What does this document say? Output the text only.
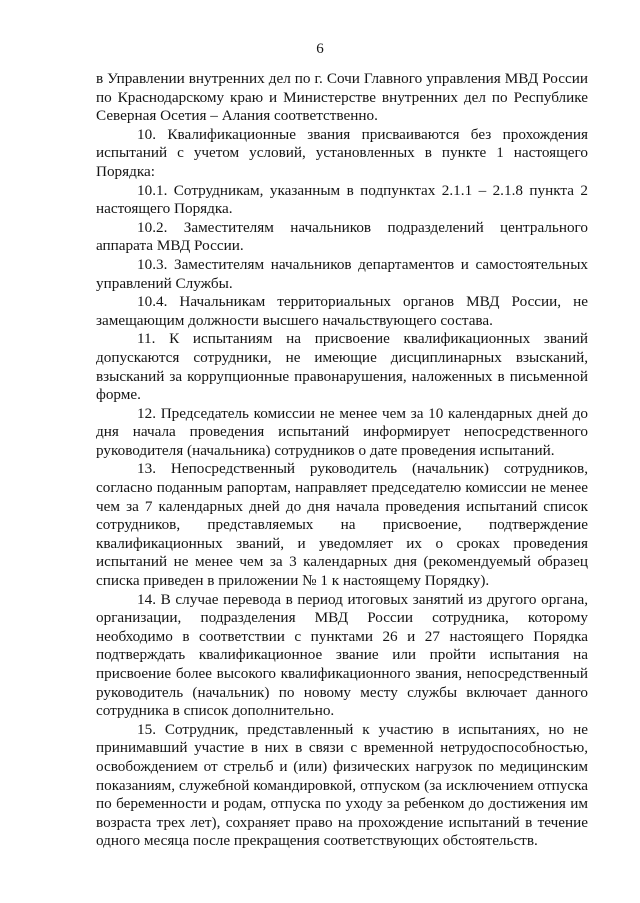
6

в Управлении внутренних дел по г. Сочи Главного управления МВД России по Краснодарскому краю и Министерстве внутренних дел по Республике Северная Осетия – Алания соответственно.

10. Квалификационные звания присваиваются без прохождения испытаний с учетом условий, установленных в пункте 1 настоящего Порядка:

10.1. Сотрудникам, указанным в подпунктах 2.1.1 – 2.1.8 пункта 2 настоящего Порядка.

10.2. Заместителям начальников подразделений центрального аппарата МВД России.

10.3. Заместителям начальников департаментов и самостоятельных управлений Службы.

10.4. Начальникам территориальных органов МВД России, не замещающим должности высшего начальствующего состава.

11. К испытаниям на присвоение квалификационных званий допускаются сотрудники, не имеющие дисциплинарных взысканий, взысканий за коррупционные правонарушения, наложенных в письменной форме.

12. Председатель комиссии не менее чем за 10 календарных дней до дня начала проведения испытаний информирует непосредственного руководителя (начальника) сотрудников о дате проведения испытаний.

13. Непосредственный руководитель (начальник) сотрудников, согласно поданным рапортам, направляет председателю комиссии не менее чем за 7 календарных дней до дня начала проведения испытаний список сотрудников, представляемых на присвоение, подтверждение квалификационных званий, и уведомляет их о сроках проведения испытаний не менее чем за 3 календарных дня (рекомендуемый образец списка приведен в приложении № 1 к настоящему Порядку).

14. В случае перевода в период итоговых занятий из другого органа, организации, подразделения МВД России сотрудника, которому необходимо в соответствии с пунктами 26 и 27 настоящего Порядка подтверждать квалификационное звание или пройти испытания на присвоение более высокого квалификационного звания, непосредственный руководитель (начальник) по новому месту службы включает данного сотрудника в список дополнительно.

15. Сотрудник, представленный к участию в испытаниях, но не принимавший участие в них в связи с временной нетрудоспособностью, освобождением от стрельб и (или) физических нагрузок по медицинским показаниям, служебной командировкой, отпуском (за исключением отпуска по беременности и родам, отпуска по уходу за ребенком до достижения им возраста трех лет), сохраняет право на прохождение испытаний в течение одного месяца после прекращения соответствующих обстоятельств.
